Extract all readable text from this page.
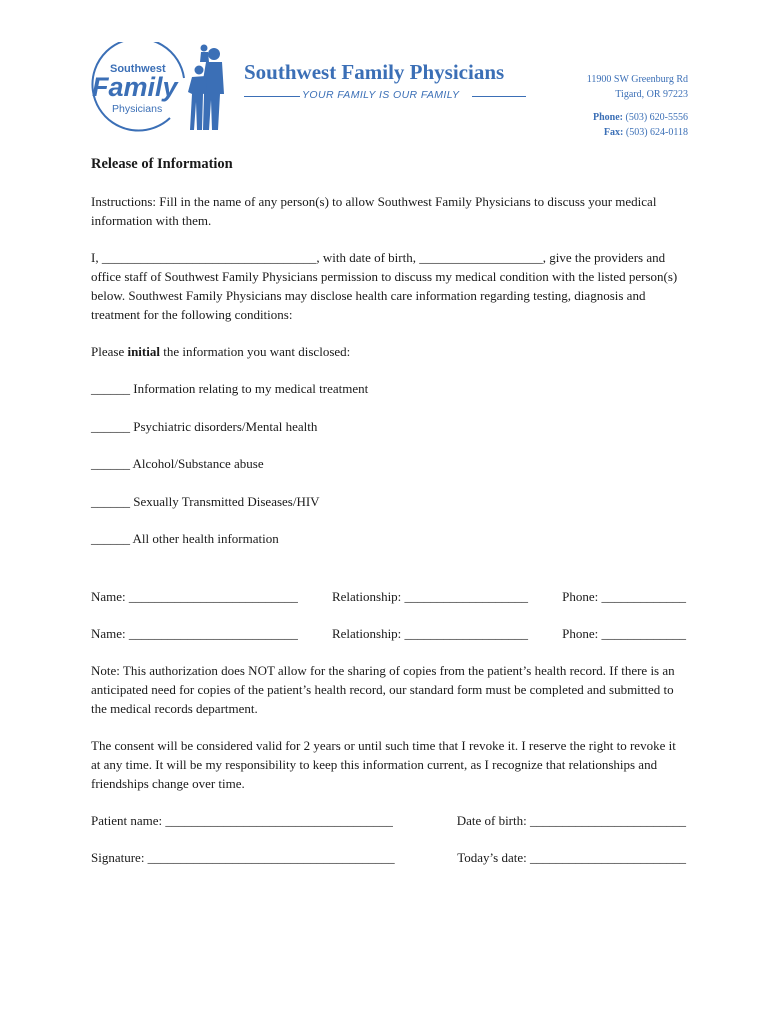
Southwest
Family
Physicians
Southwest Family Physicians
YOUR FAMILY IS OUR FAMILY
11900 SW Greenburg Rd
Tigard, OR 97223
Phone: (503) 620-5556
Fax: (503) 624-0118
Release of Information

Instructions: Fill in the name of any person(s) to allow Southwest Family Physicians to discuss your medical information with them.

I, _________________________________, with date of birth, ___________________, give the providers and office staff of Southwest Family Physicians permission to discuss my medical condition with the listed person(s) below. Southwest Family Physicians may disclose health care information regarding testing, diagnosis and treatment for the following conditions:

Please initial the information you want disclosed:

______ Information relating to my medical treatment
______ Psychiatric disorders/Mental health
______ Alcohol/Substance abuse
______ Sexually Transmitted Diseases/HIV
______ All other health information
Name: __________________________	Relationship: ___________________	Phone: _____________
Name: __________________________	Relationship: ___________________	Phone: _____________

Note: This authorization does NOT allow for the sharing of copies from the patient’s health record. If there is an anticipated need for copies of the patient’s health record, our standard form must be completed and submitted to the medical records department.

The consent will be considered valid for 2 years or until such time that I revoke it. I reserve the right to revoke it at any time. It will be my responsibility to keep this information current, as I recognize that relationships and friendships change over time.

Patient name: ___________________________________	Date of birth: ________________________
Signature: ______________________________________	Today’s date: ________________________
